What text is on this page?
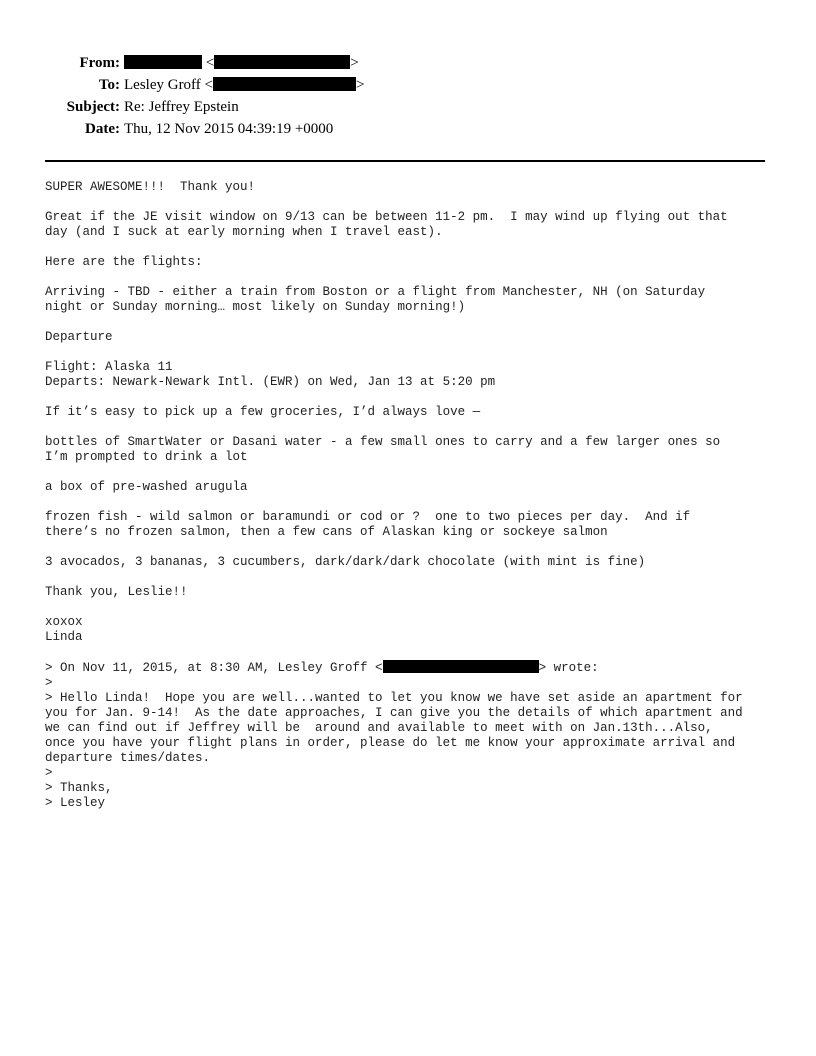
From:	<	>
To: Lesley Groff <	>
Subject: Re: Jeffrey Epstein
Date: Thu, 12 Nov 2015 04:39:19 +0000

SUPER AWESOME!!!  Thank you!

Great if the JE visit window on 9/13 can be between 11-2 pm.  I may wind up flying out that
day (and I suck at early morning when I travel east).

Here are the flights:

Arriving - TBD - either a train from Boston or a flight from Manchester, NH (on Saturday
night or Sunday morning… most likely on Sunday morning!)

Departure

Flight: Alaska 11
Departs: Newark-Newark Intl. (EWR) on Wed, Jan 13 at 5:20 pm

If it’s easy to pick up a few groceries, I’d always love —

bottles of SmartWater or Dasani water - a few small ones to carry and a few larger ones so
I’m prompted to drink a lot

a box of pre-washed arugula

frozen fish - wild salmon or baramundi or cod or ?  one to two pieces per day.  And if
there’s no frozen salmon, then a few cans of Alaskan king or sockeye salmon

3 avocados, 3 bananas, 3 cucumbers, dark/dark/dark chocolate (with mint is fine)

Thank you, Leslie!!

xoxox
Linda

> On Nov 11, 2015, at 8:30 AM, Lesley Groff <	> wrote:
>
> Hello Linda!  Hope you are well...wanted to let you know we have set aside an apartment for
you for Jan. 9-14!  As the date approaches, I can give you the details of which apartment and
we can find out if Jeffrey will be  around and available to meet with on Jan.13th...Also,
once you have your flight plans in order, please do let me know your approximate arrival and
departure times/dates.
>
> Thanks,
> Lesley
